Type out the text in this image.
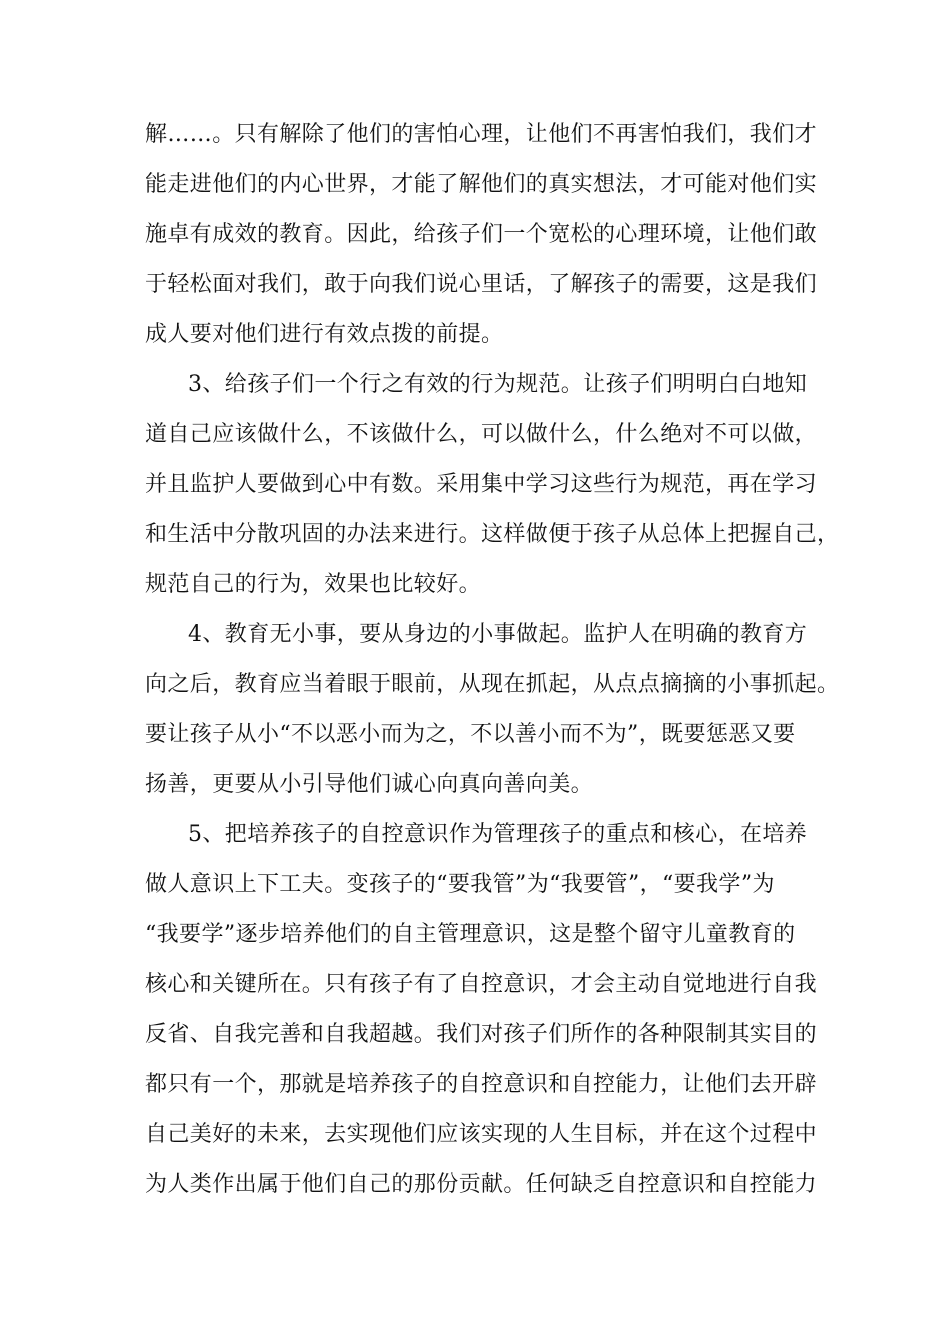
解……。只有解除了他们的害怕心理，让他们不再害怕我们，我们才
能走进他们的内心世界，才能了解他们的真实想法，才可能对他们实
施卓有成效的教育。因此，给孩子们一个宽松的心理环境，让他们敢
于轻松面对我们，敢于向我们说心里话，了解孩子的需要，这是我们
成人要对他们进行有效点拨的前提。
3、给孩子们一个行之有效的行为规范。让孩子们明明白白地知
道自己应该做什么，不该做什么，可以做什么，什么绝对不可以做，
并且监护人要做到心中有数。采用集中学习这些行为规范，再在学习
和生活中分散巩固的办法来进行。这样做便于孩子从总体上把握自己，
规范自己的行为，效果也比较好。
4、教育无小事，要从身边的小事做起。监护人在明确的教育方
向之后，教育应当着眼于眼前，从现在抓起，从点点摘摘的小事抓起。
要让孩子从小“不以恶小而为之，不以善小而不为”，既要惩恶又要
扬善，更要从小引导他们诚心向真向善向美。
5、把培养孩子的自控意识作为管理孩子的重点和核心，在培养
做人意识上下工夫。变孩子的“要我管”为“我要管”，“要我学”为
“我要学”逐步培养他们的自主管理意识，这是整个留守儿童教育的
核心和关键所在。只有孩子有了自控意识，才会主动自觉地进行自我
反省、自我完善和自我超越。我们对孩子们所作的各种限制其实目的
都只有一个，那就是培养孩子的自控意识和自控能力，让他们去开辟
自己美好的未来，去实现他们应该实现的人生目标，并在这个过程中
为人类作出属于他们自己的那份贡献。任何缺乏自控意识和自控能力
